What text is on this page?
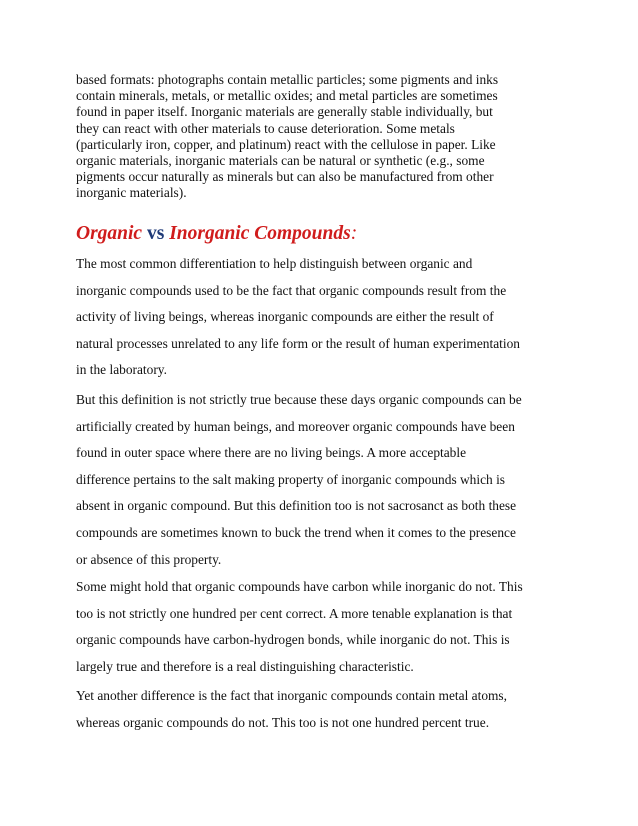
based formats: photographs contain metallic particles; some pigments and inks
contain minerals, metals, or metallic oxides; and metal particles are sometimes
found in paper itself. Inorganic materials are generally stable individually, but
they can react with other materials to cause deterioration. Some metals
(particularly iron, copper, and platinum) react with the cellulose in paper. Like
organic materials, inorganic materials can be natural or synthetic (e.g., some
pigments occur naturally as minerals but can also be manufactured from other
inorganic materials).
Organic vs Inorganic Compounds:
The most common differentiation to help distinguish between organic and
inorganic compounds used to be the fact that organic compounds result from the
activity of living beings, whereas inorganic compounds are either the result of
natural processes unrelated to any life form or the result of human experimentation
in the laboratory.
But this definition is not strictly true because these days organic compounds can be
artificially created by human beings, and moreover organic compounds have been
found in outer space where there are no living beings. A more acceptable
difference pertains to the salt making property of inorganic compounds which is
absent in organic compound. But this definition too is not sacrosanct as both these
compounds are sometimes known to buck the trend when it comes to the presence
or absence of this property.
Some might hold that organic compounds have carbon while inorganic do not. This
too is not strictly one hundred per cent correct. A more tenable explanation is that
organic compounds have carbon-hydrogen bonds, while inorganic do not. This is
largely true and therefore is a real distinguishing characteristic.
Yet another difference is the fact that inorganic compounds contain metal atoms,
whereas organic compounds do not. This too is not one hundred percent true.
